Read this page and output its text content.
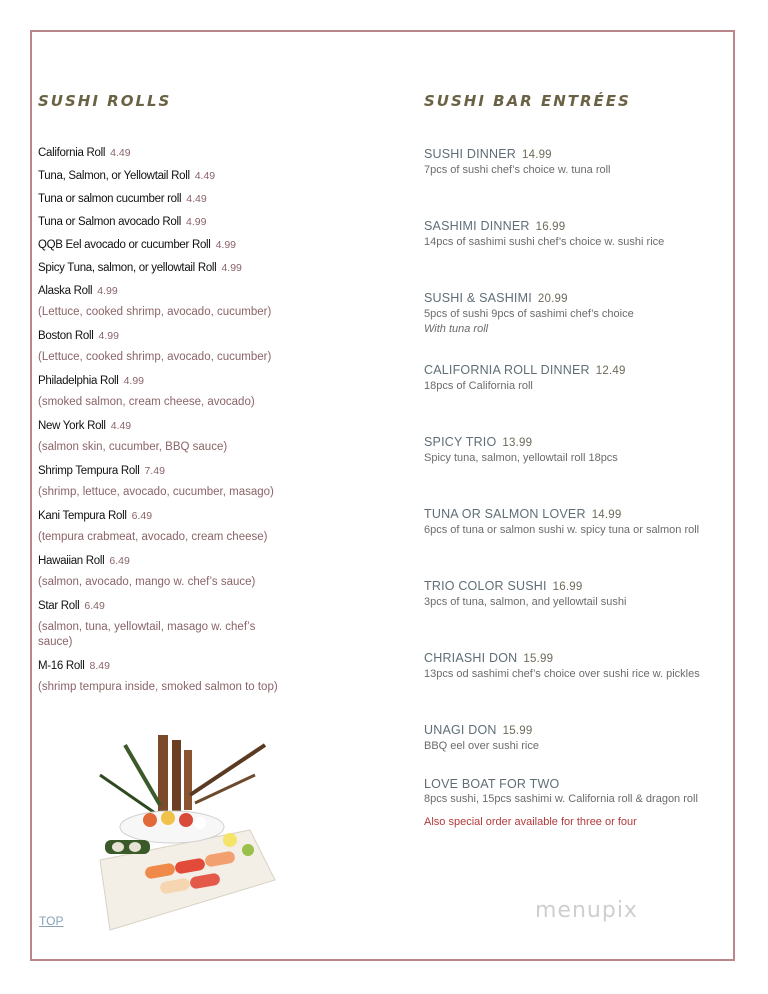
SUSHI ROLLS	SUSHI BAR ENTRÉES
California Roll 4.49
Tuna, Salmon, or Yellowtail Roll 4.49
Tuna or salmon cucumber roll 4.49
Tuna or Salmon avocado Roll 4.99
QQB Eel avocado or cucumber Roll 4.99
Spicy Tuna, salmon, or yellowtail Roll 4.99
Alaska Roll 4.99
(Lettuce, cooked shrimp, avocado, cucumber)
Boston Roll 4.99
(Lettuce, cooked shrimp, avocado, cucumber)
Philadelphia Roll 4.99
(smoked salmon, cream cheese, avocado)
New York Roll 4.49
(salmon skin, cucumber, BBQ sauce)
Shrimp Tempura Roll 7.49
(shrimp, lettuce, avocado, cucumber, masago)
Kani Tempura Roll 6.49
(tempura crabmeat, avocado, cream cheese)
Hawaiian Roll 6.49
(salmon, avocado, mango w. chef’s sauce)
Star Roll 6.49
(salmon, tuna, yellowtail, masago w. chef’s sauce)
M-16 Roll 8.49
(shrimp tempura inside, smoked salmon to top)
SUSHI DINNER 14.99
7pcs of sushi chef’s choice w. tuna roll
SASHIMI DINNER 16.99
14pcs of sashimi sushi chef’s choice w. sushi rice
SUSHI & SASHIMI 20.99
5pcs of sushi 9pcs of sashimi chef’s choice
With tuna roll
CALIFORNIA ROLL DINNER 12.49
18pcs of California roll
SPICY TRIO 13.99
Spicy tuna, salmon, yellowtail roll 18pcs
TUNA OR SALMON LOVER 14.99
6pcs of tuna or salmon sushi w. spicy tuna or salmon roll
TRIO COLOR SUSHI 16.99
3pcs of tuna, salmon, and yellowtail sushi
CHRIASHI DON 15.99
13pcs od sashimi chef’s choice over sushi rice w. pickles
UNAGI DON 15.99
BBQ eel over sushi rice
LOVE BOAT FOR TWO
8pcs sushi, 15pcs sashimi w. California roll & dragon roll
Also special order available for three or four
TOP	menupix
